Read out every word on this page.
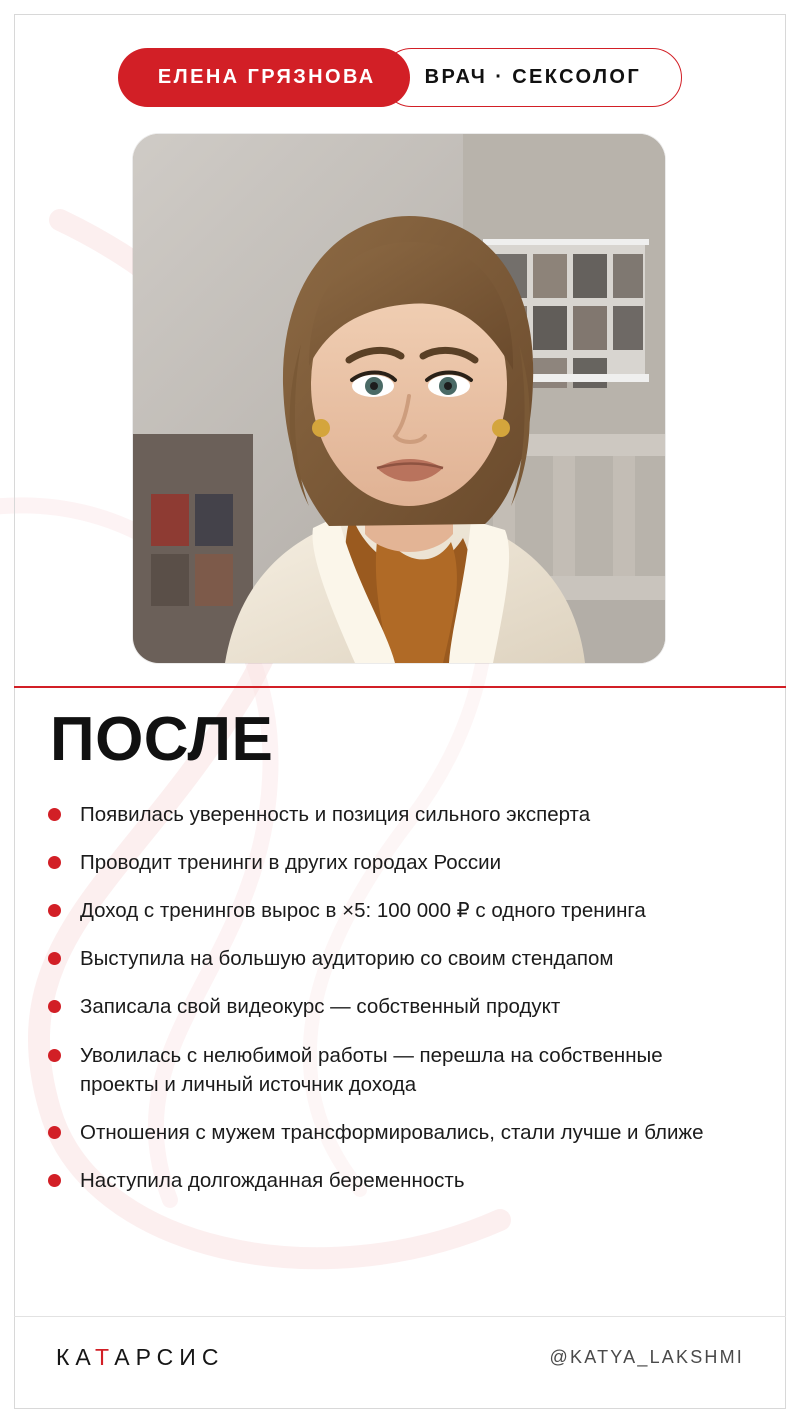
ЕЛЕНА ГРЯЗНОВА	ВРАЧ · СЕКСОЛОГ
ПОСЛЕ
Появилась уверенность и позиция сильного эксперта
Проводит тренинги в других городах России
Доход с тренингов вырос в ×5: 100 000 ₽ с одного тренинга
Выступила на большую аудиторию со своим стендапом
Записала свой видеокурс — собственный продукт
Уволилась с нелюбимой работы — перешла на собственные проекты и личный источник дохода
Отношения с мужем трансформировались, стали лучше и ближе
Наступила долгожданная беременность
КАТАРСИС	@KATYA_LAKSHMI
